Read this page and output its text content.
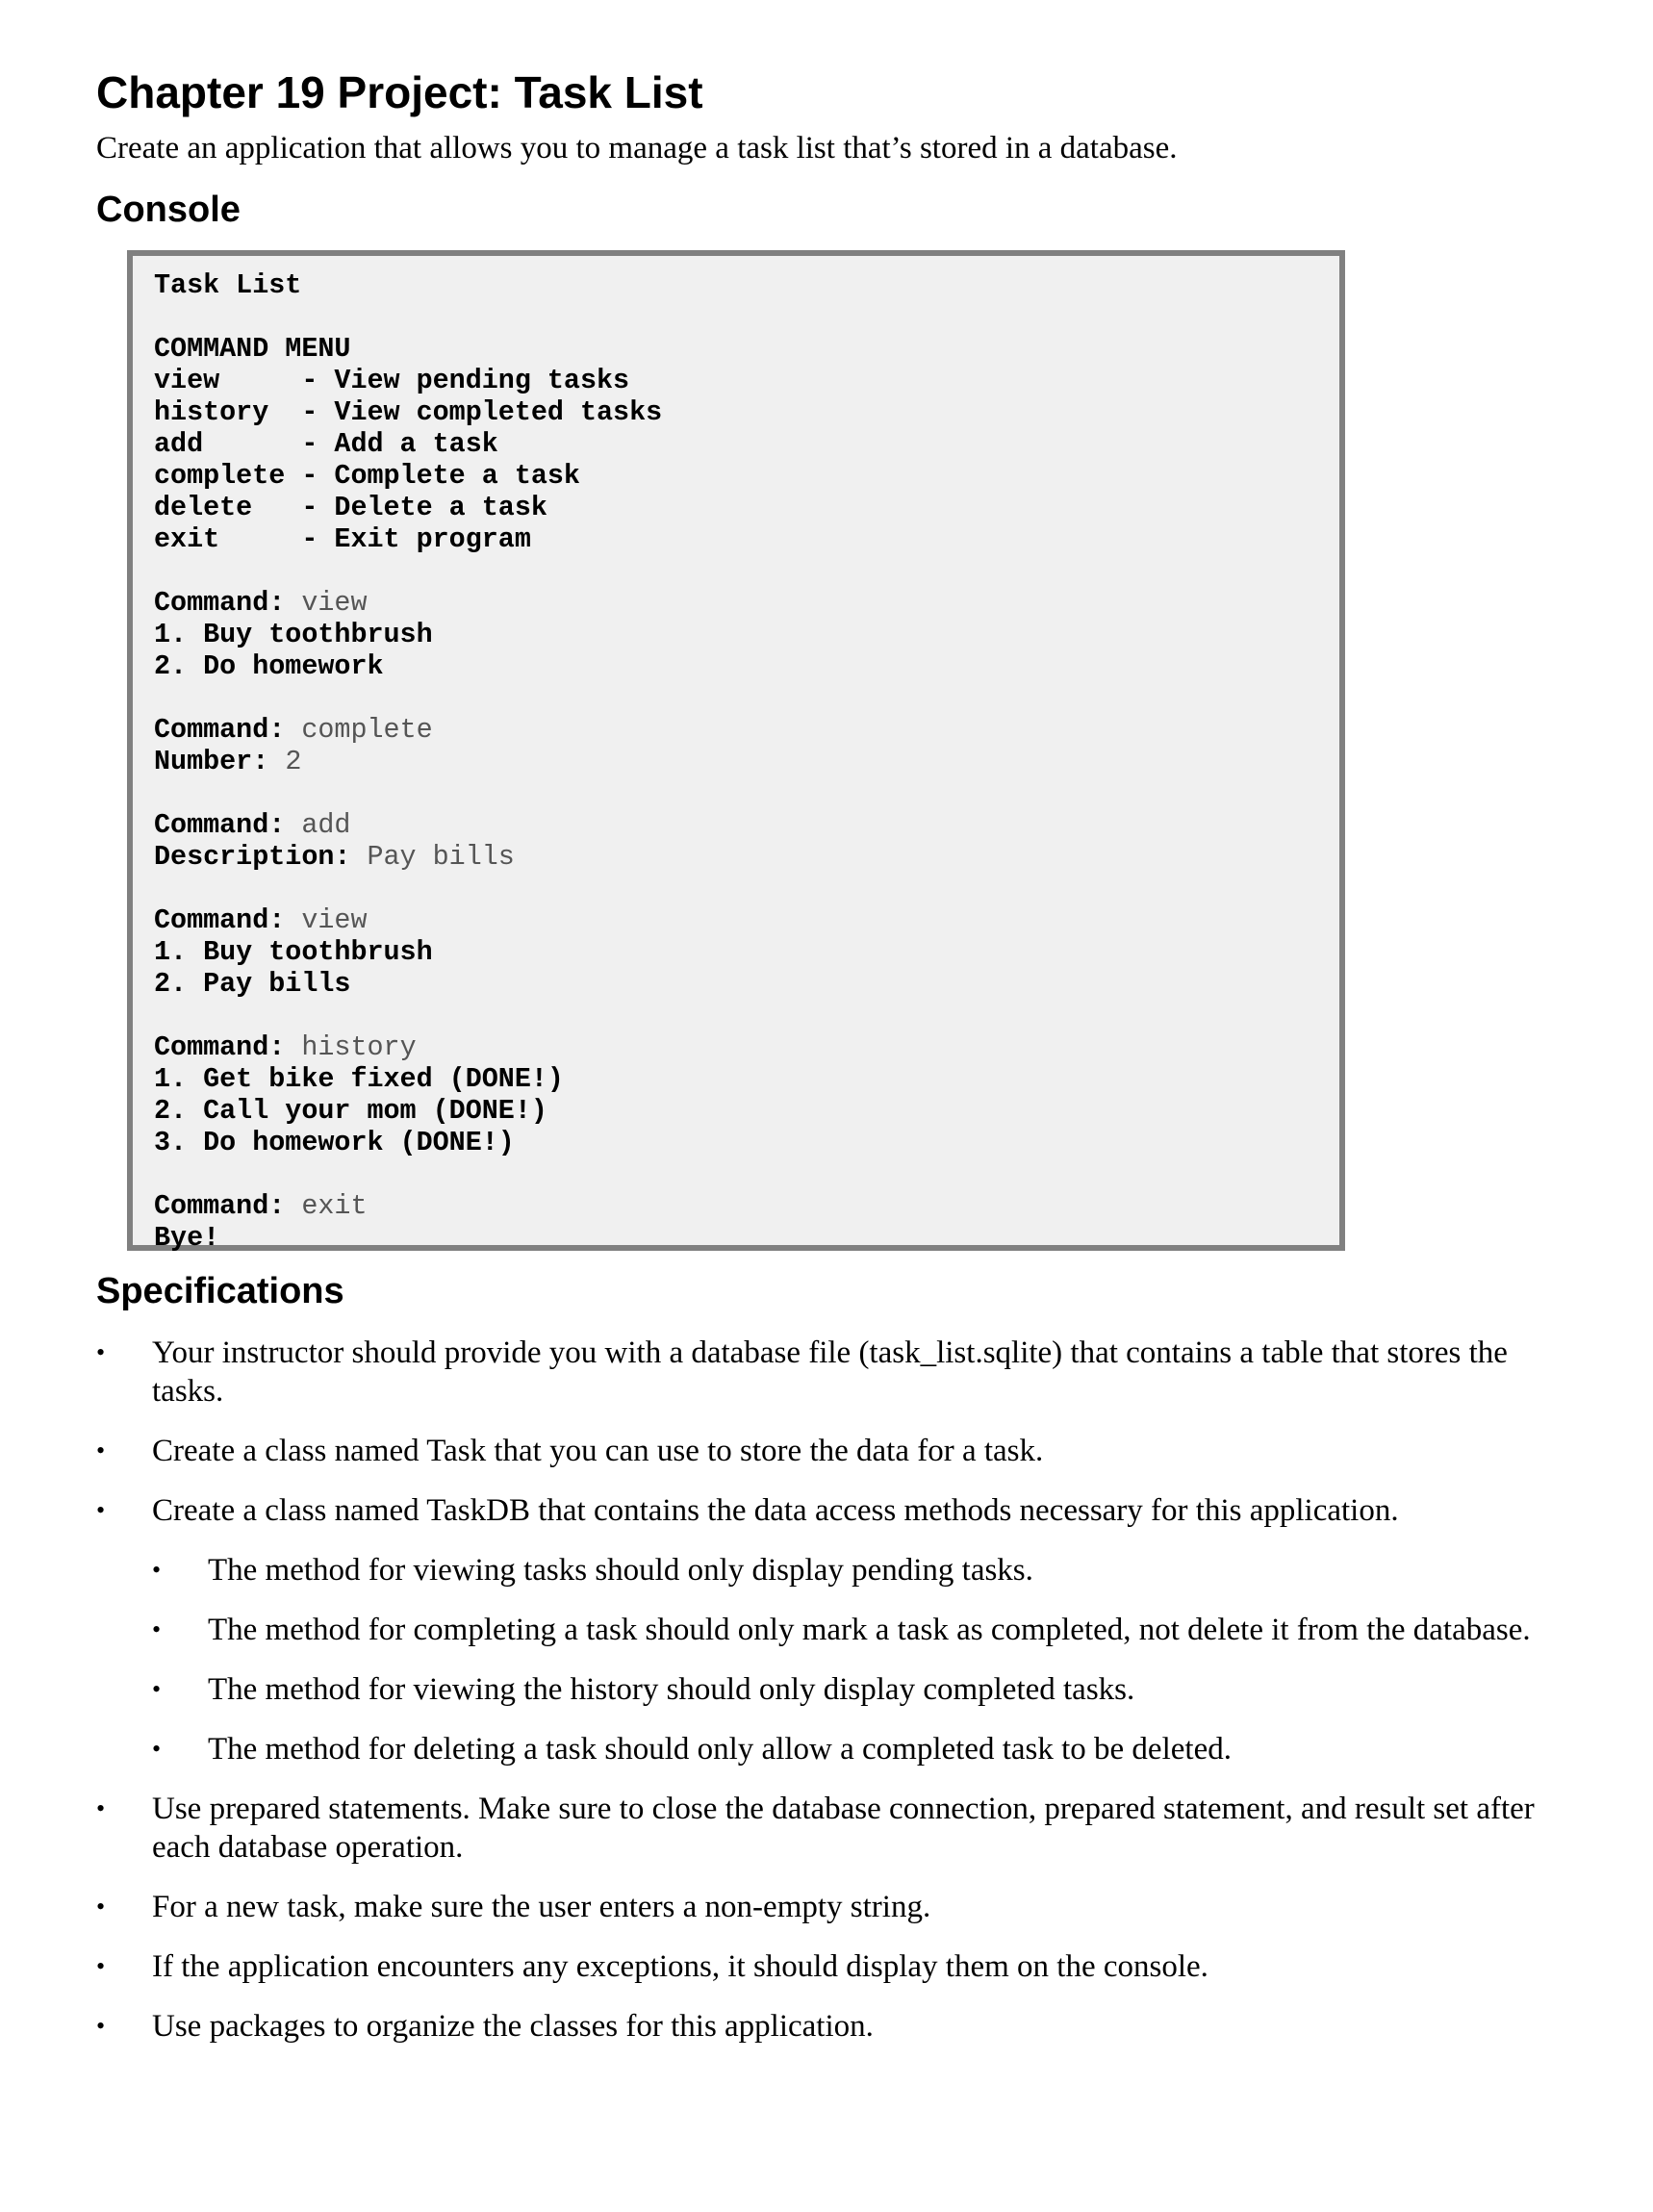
Chapter 19 Project: Task List

Create an application that allows you to manage a task list that’s stored in a database.

Console
Task List
COMMAND MENU
view     - View pending tasks
history  - View completed tasks
add      - Add a task
complete - Complete a task
delete   - Delete a task
exit     - Exit program
Command: view
1. Buy toothbrush
2. Do homework
Command: complete
Number: 2
Command: add
Description: Pay bills
Command: view
1. Buy toothbrush
2. Pay bills
Command: history
1. Get bike fixed (DONE!)
2. Call your mom (DONE!)
3. Do homework (DONE!)
Command: exit
Bye!
Specifications
• Your instructor should provide you with a database file (task_list.sqlite) that contains a table that stores the tasks.
• Create a class named Task that you can use to store the data for a task.
• Create a class named TaskDB that contains the data access methods necessary for this application.
• The method for viewing tasks should only display pending tasks.
• The method for completing a task should only mark a task as completed, not delete it from the database.
• The method for viewing the history should only display completed tasks.
• The method for deleting a task should only allow a completed task to be deleted.
• Use prepared statements. Make sure to close the database connection, prepared statement, and result set after each database operation.
• For a new task, make sure the user enters a non-empty string.
• If the application encounters any exceptions, it should display them on the console.
• Use packages to organize the classes for this application.
